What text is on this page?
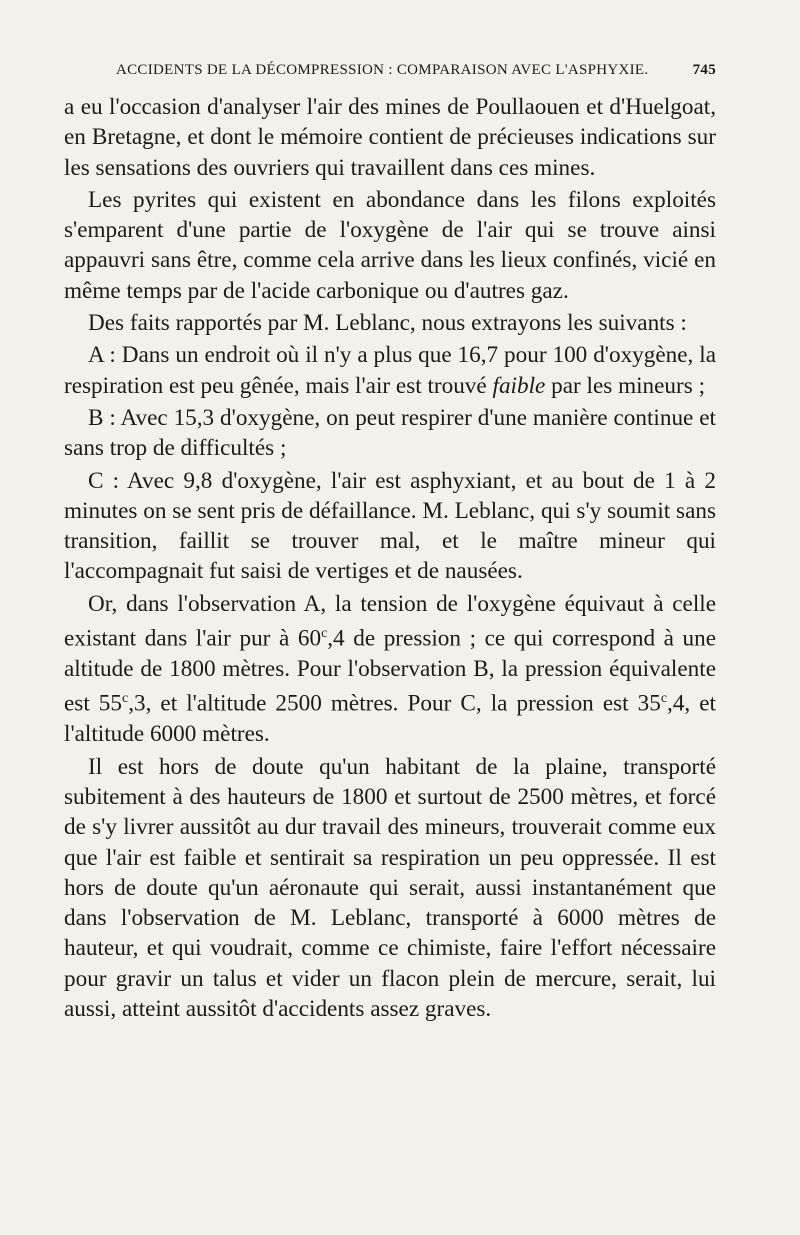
ACCIDENTS DE LA DÉCOMPRESSION : COMPARAISON AVEC L'ASPHYXIE.	745

a eu l'occasion d'analyser l'air des mines de Poullaouen et d'Huelgoat, en Bretagne, et dont le mémoire contient de précieuses indications sur les sensations des ouvriers qui travaillent dans ces mines.

Les pyrites qui existent en abondance dans les filons exploités s'emparent d'une partie de l'oxygène de l'air qui se trouve ainsi appauvri sans être, comme cela arrive dans les lieux confinés, vicié en même temps par de l'acide carbonique ou d'autres gaz.

Des faits rapportés par M. Leblanc, nous extrayons les suivants :

A : Dans un endroit où il n'y a plus que 16,7 pour 100 d'oxygène, la respiration est peu gênée, mais l'air est trouvé faible par les mineurs ;

B : Avec 15,3 d'oxygène, on peut respirer d'une manière continue et sans trop de difficultés ;

C : Avec 9,8 d'oxygène, l'air est asphyxiant, et au bout de 1 à 2 minutes on se sent pris de défaillance. M. Leblanc, qui s'y soumit sans transition, faillit se trouver mal, et le maître mineur qui l'accompagnait fut saisi de vertiges et de nausées.

Or, dans l'observation A, la tension de l'oxygène équivaut à celle existant dans l'air pur à 60$^c$,4 de pression ; ce qui correspond à une altitude de 1800 mètres. Pour l'observation B, la pression équivalente est 55$^c$,3, et l'altitude 2500 mètres. Pour C, la pression est 35$^c$,4, et l'altitude 6000 mètres.

Il est hors de doute qu'un habitant de la plaine, transporté subitement à des hauteurs de 1800 et surtout de 2500 mètres, et forcé de s'y livrer aussitôt au dur travail des mineurs, trouverait comme eux que l'air est faible et sentirait sa respiration un peu oppressée. Il est hors de doute qu'un aéronaute qui serait, aussi instantanément que dans l'observation de M. Leblanc, transporté à 6000 mètres de hauteur, et qui voudrait, comme ce chimiste, faire l'effort nécessaire pour gravir un talus et vider un flacon plein de mercure, serait, lui aussi, atteint aussitôt d'accidents assez graves.
